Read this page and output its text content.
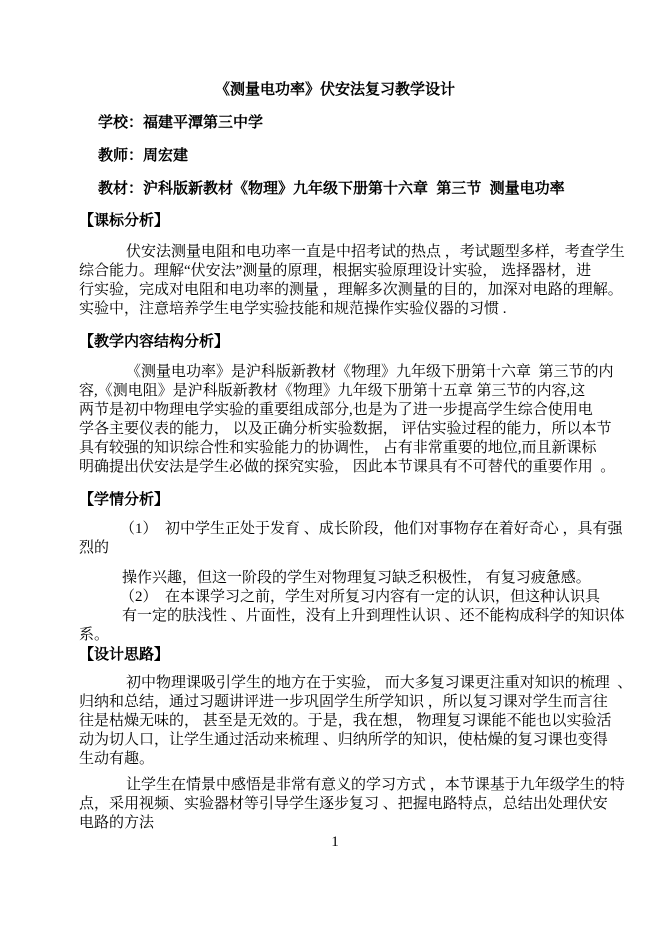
《测量电功率》伏安法复习教学设计
学校：福建平潭第三中学
教师：周宏建
教材：沪科版新教材《物理》九年级下册第十六章  第三节  测量电功率
【课标分析】
伏安法测量电阻和电功率一直是中招考试的热点 ，考试题型多样，考查学生
综合能力。理解“伏安法”测量的原理，根据实验原理设计实验， 选择器材，进
行实验，完成对电阻和电功率的测量 ，理解多次测量的目的，加深对电路的理解。
实验中，注意培养学生电学实验技能和规范操作实验仪器的习惯 .
【教学内容结构分析】
《测量电功率》是沪科版新教材《物理》九年级下册第十六章  第三节的内
容,《测电阻》是沪科版新教材《物理》九年级下册第十五章 第三节的内容,这
两节是初中物理电学实验的重要组成部分,也是为了进一步提高学生综合使用电
学各主要仪表的能力， 以及正确分析实验数据， 评估实验过程的能力，所以本节
具有较强的知识综合性和实验能力的协调性， 占有非常重要的地位,而且新课标
明确提出伏安法是学生必做的探究实验， 因此本节课具有不可替代的重要作用  。
【学情分析】
（1）  初中学生正处于发育 、成长阶段，他们对事物存在着好奇心 ，具有强
烈的
操作兴趣，但这一阶段的学生对物理复习缺乏积极性， 有复习疲惫感。
（2）  在本课学习之前，学生对所复习内容有一定的认识，但这种认识具
有一定的肤浅性 、片面性，没有上升到理性认识 、还不能构成科学的知识体
系。
【设计思路】
初中物理课吸引学生的地方在于实验， 而大多复习课更注重对知识的梳理  、
归纳和总结，通过习题讲评进一步巩固学生所学知识 ，所以复习课对学生而言往
往是枯燥无味的， 甚至是无效的。于是，我在想， 物理复习课能不能也以实验活
动为切人口，让学生通过活动来梳理 、归纳所学的知识，使枯燥的复习课也变得
生动有趣。
让学生在情景中感悟是非常有意义的学习方式 ，本节课基于九年级学生的特
点，采用视频、实验器材等引导学生逐步复习 、把握电路特点，总结出处理伏安
电路的方法
1
